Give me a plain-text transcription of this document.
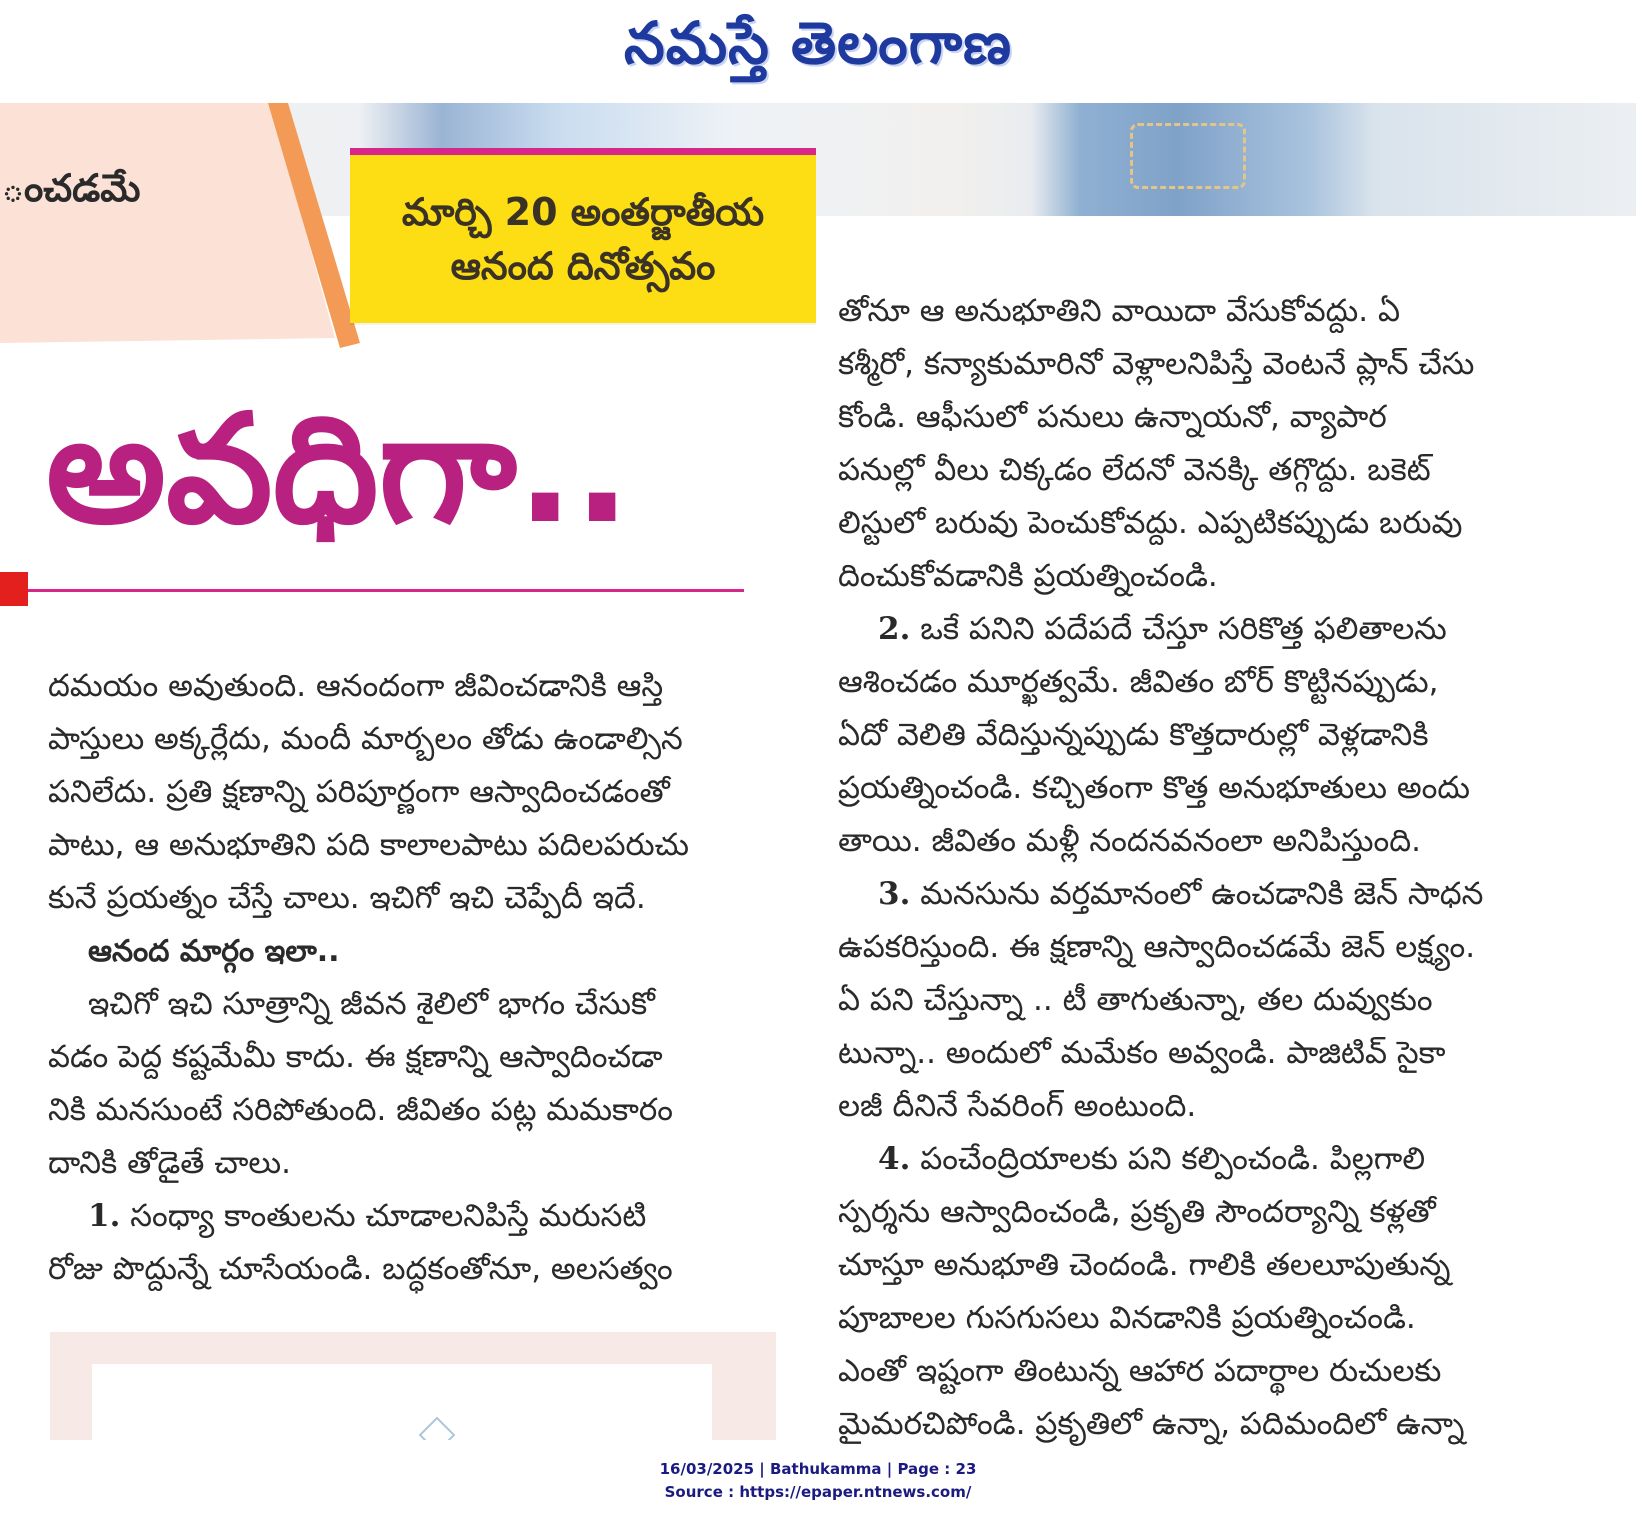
నమస్తే తెలంగాణ
ంచడమే
మార్చి 20 అంతర్జాతీయ
ఆనంద దినోత్సవం
అవధిగా..

దమయం అవుతుంది. ఆనందంగా జీవించడానికి ఆస్తి

పాస్తులు అక్కర్లేదు, మందీ మార్బలం తోడు ఉండాల్సిన

పనిలేదు. ప్రతి క్షణాన్ని పరిపూర్ణంగా ఆస్వాదించడంతో

పాటు, ఆ అనుభూతిని పది కాలాలపాటు పదిలపరుచు

కునే ప్రయత్నం చేస్తే చాలు. ఇచిగో ఇచి చెప్పేదీ ఇదే.

ఆనంద మార్గం ఇలా..

ఇచిగో ఇచి సూత్రాన్ని జీవన శైలిలో భాగం చేసుకో

వడం పెద్ద కష్టమేమీ కాదు. ఈ క్షణాన్ని ఆస్వాదించడా

నికి మనసుంటే సరిపోతుంది. జీవితం పట్ల మమకారం

దానికి తోడైతే చాలు.

1. సంధ్యా కాంతులను చూడాలనిపిస్తే మరుసటి

రోజు పొద్దున్నే చూసేయండి. బద్ధకంతోనూ, అలసత్వం

తోనూ ఆ అనుభూతిని వాయిదా వేసుకోవద్దు. ఏ

కశ్మీరో, కన్యాకుమారినో వెళ్లాలనిపిస్తే వెంటనే ప్లాన్ చేసు

కోండి. ఆఫీసులో పనులు ఉన్నాయనో, వ్యాపార

పనుల్లో వీలు చిక్కడం లేదనో వెనక్కి తగ్గొద్దు. బకెట్

లిస్టులో బరువు పెంచుకోవద్దు. ఎప్పటికప్పుడు బరువు

దించుకోవడానికి ప్రయత్నించండి.

2. ఒకే పనిని పదేపదే చేస్తూ సరికొత్త ఫలితాలను

ఆశించడం మూర్ఖత్వమే. జీవితం బోర్ కొట్టినప్పుడు,

ఏదో వెలితి వేదిస్తున్నప్పుడు కొత్తదారుల్లో వెళ్లడానికి

ప్రయత్నించండి. కచ్చితంగా కొత్త అనుభూతులు అందు

తాయి. జీవితం మళ్లీ నందనవనంలా అనిపిస్తుంది.

3. మనసును వర్తమానంలో ఉంచడానికి జెన్ సాధన

ఉపకరిస్తుంది. ఈ క్షణాన్ని ఆస్వాదించడమే జెన్ లక్ష్యం.

ఏ పని చేస్తున్నా .. టీ తాగుతున్నా, తల దువ్వుకుం

టున్నా.. అందులో మమేకం అవ్వండి. పాజిటివ్ సైకా

లజీ దీనినే సేవరింగ్ అంటుంది.

4. పంచేంద్రియాలకు పని కల్పించండి. పిల్లగాలి

స్పర్శను ఆస్వాదించండి, ప్రకృతి సౌందర్యాన్ని కళ్లతో

చూస్తూ అనుభూతి చెందండి. గాలికి తలలూపుతున్న

పూబాలల గుసగుసలు వినడానికి ప్రయత్నించండి.

ఎంతో ఇష్టంగా తింటున్న ఆహార పదార్థాల రుచులకు

మైమరచిపోండి. ప్రకృతిలో ఉన్నా, పదిమందిలో ఉన్నా

16/03/2025 | Bathukamma | Page : 23
Source : https://epaper.ntnews.com/
